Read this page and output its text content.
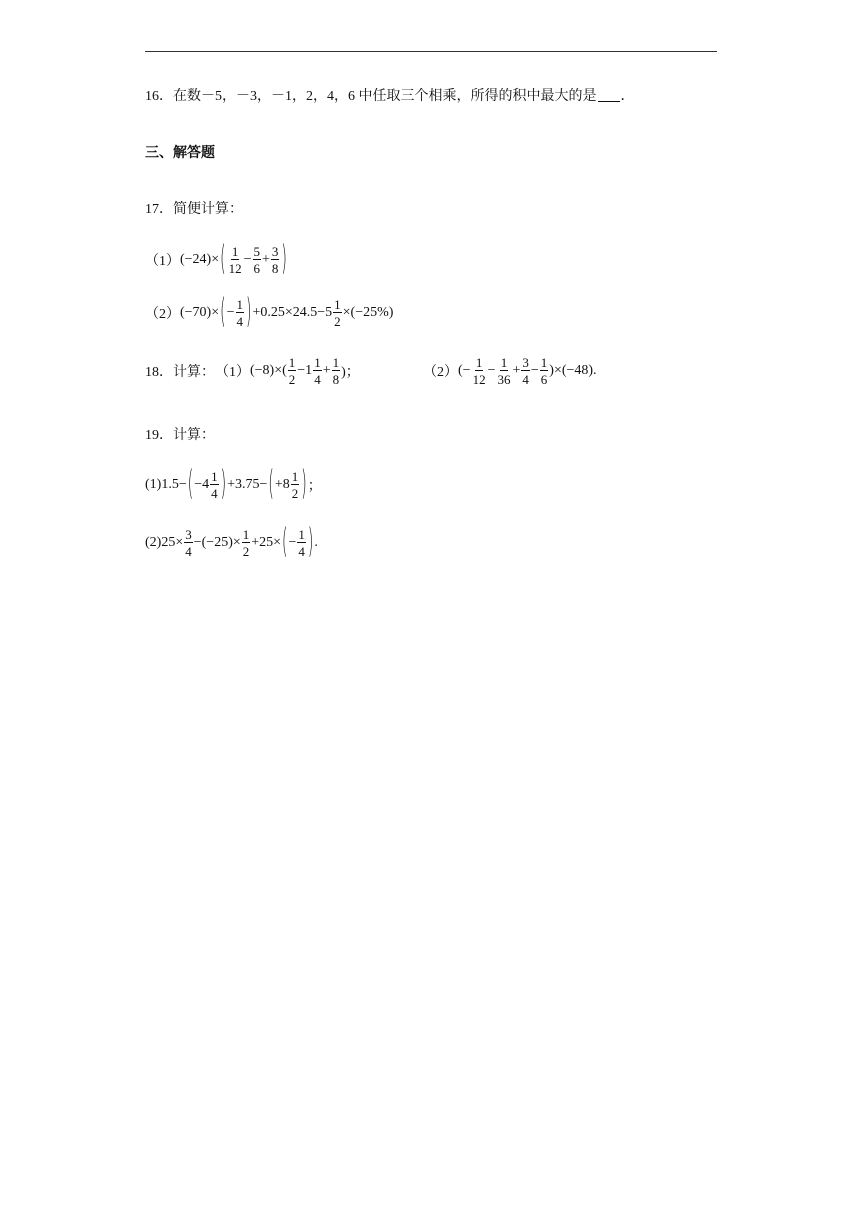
16．在数－5，－3，－1，2，4，6 中任取三个相乘，所得的积中最大的是 ．
三、解答题
17．简便计算：
（1） (−24)× ( $\frac{1}{12} - \frac{5}{6} + \frac{3}{8}$ )
（2） (−70)× ( − $\frac{1}{4}$ ) $+0.25\times 24.5-5 \frac{1}{2} \times(-25\%)$
18．计算： （1） $(-8)\times( \frac{1}{2} -1 \frac{1}{4} + \frac{1}{8}$ )；	（2） (− $\frac{1}{12} - \frac{1}{36} + \frac{3}{4} - \frac{1}{6} )\times(-48)$.
19．计算：
(1) 1.5− ( $-4 \frac{1}{4}$ ) +3.75− ( $+8 \frac{1}{2}$ ) ；
(2) $25\times \frac{3}{4} -(-25)\times \frac{1}{2} +25\times$ ( − $\frac{1}{4}$ ) .
